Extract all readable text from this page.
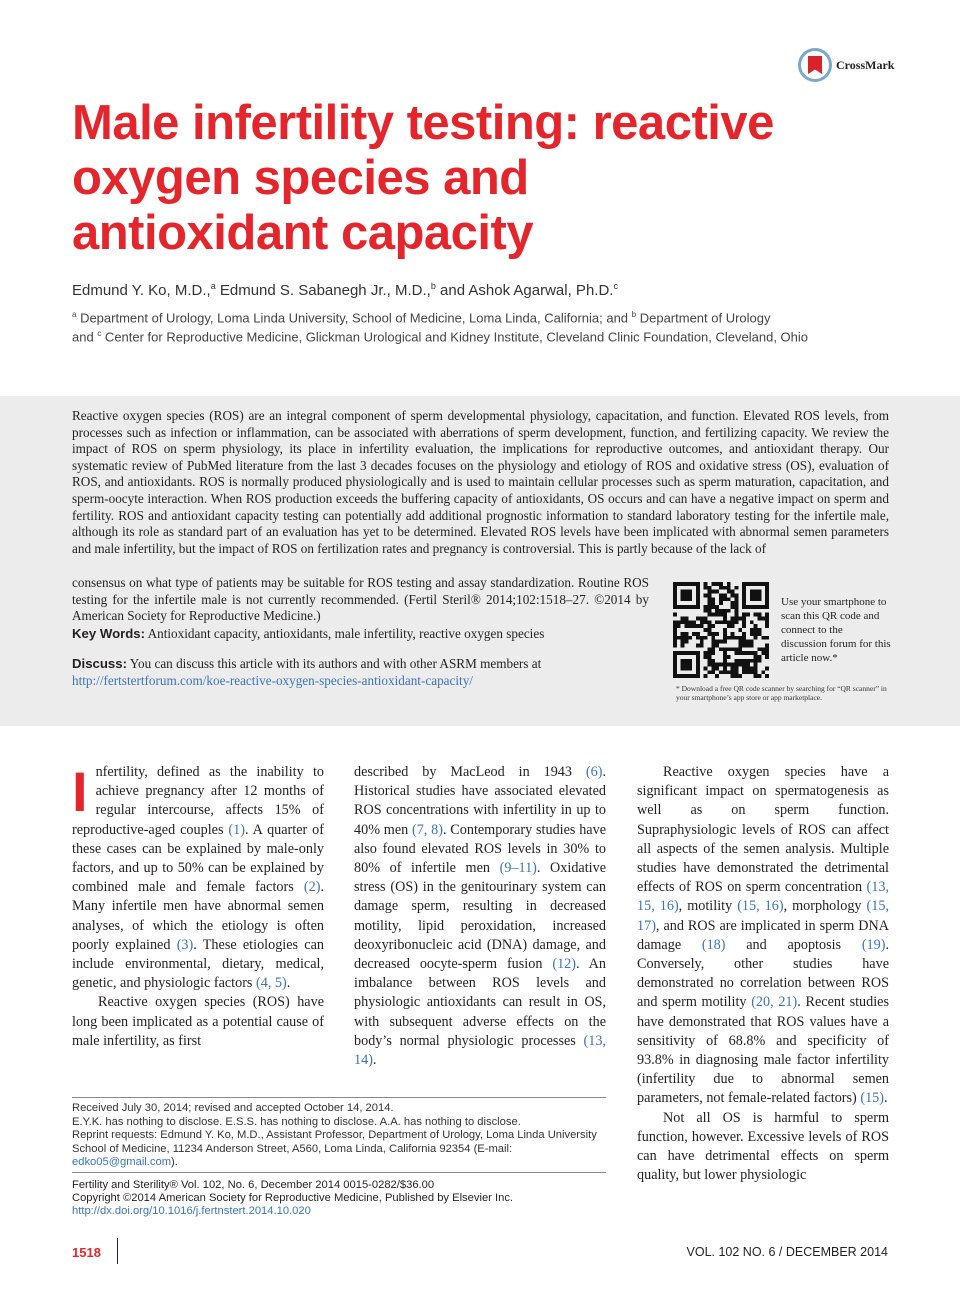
CrossMark
Male infertility testing: reactive
oxygen species and
antioxidant capacity
Edmund Y. Ko, M.D.,$^a$ Edmund S. Sabanegh Jr., M.D.,$^b$ and Ashok Agarwal, Ph.D.$^c$
$^a$ Department of Urology, Loma Linda University, School of Medicine, Loma Linda, California; and $^b$ Department of Urology
and $^c$ Center for Reproductive Medicine, Glickman Urological and Kidney Institute, Cleveland Clinic Foundation, Cleveland, Ohio

Reactive oxygen species (ROS) are an integral component of sperm developmental physiology, capacitation, and function. Elevated ROS levels, from processes such as infection or inflammation, can be associated with aberrations of sperm development, function, and fertilizing capacity. We review the impact of ROS on sperm physiology, its place in infertility evaluation, the implications for reproductive outcomes, and antioxidant therapy. Our systematic review of PubMed literature from the last 3 decades focuses on the physiology and etiology of ROS and oxidative stress (OS), evaluation of ROS, and antioxidants. ROS is normally produced physiologically and is used to maintain cellular processes such as sperm maturation, capacitation, and sperm-oocyte interaction. When ROS production exceeds the buffering capacity of antioxidants, OS occurs and can have a negative impact on sperm and fertility. ROS and antioxidant capacity testing can potentially add additional prognostic information to standard laboratory testing for the infertile male, although its role as standard part of an evaluation has yet to be determined. Elevated ROS levels have been implicated with abnormal semen parameters and male infertility, but the impact of ROS on fertilization rates and pregnancy is controversial. This is partly because of the lack of

consensus on what type of patients may be suitable for ROS testing and assay standardization. Routine ROS testing for the infertile male is not currently recommended. (Fertil Steril® 2014;102:1518–27. ©2014 by American Society for Reproductive Medicine.)

Key Words: Antioxidant capacity, antioxidants, male infertility, reactive oxygen species

Discuss: You can discuss this article with its authors and with other ASRM members at http://fertstertforum.com/koe-reactive-oxygen-species-antioxidant-capacity/

Use your smartphone to scan this QR code and connect to the discussion forum for this article now.*

* Download a free QR code scanner by searching for “QR scanner” in your smartphone’s app store or app marketplace.

Infertility, defined as the inability to achieve pregnancy after 12 months of regular intercourse, affects 15% of reproductive-aged couples (1). A quarter of these cases can be explained by male-only factors, and up to 50% can be explained by combined male and female factors (2). Many infertile men have abnormal semen analyses, of which the etiology is often poorly explained (3). These etiologies can include environmental, dietary, medical, genetic, and physiologic factors (4, 5).

Reactive oxygen species (ROS) have long been implicated as a potential cause of male infertility, as first

described by MacLeod in 1943 (6). Historical studies have associated elevated ROS concentrations with infertility in up to 40% men (7, 8). Contemporary studies have also found elevated ROS levels in 30% to 80% of infertile men (9–11). Oxidative stress (OS) in the genitourinary system can damage sperm, resulting in decreased motility, lipid peroxidation, increased deoxyribonucleic acid (DNA) damage, and decreased oocyte-sperm fusion (12). An imbalance between ROS levels and physiologic antioxidants can result in OS, with subsequent adverse effects on the body’s normal physiologic processes (13, 14).

Reactive oxygen species have a significant impact on spermatogenesis as well as on sperm function. Supraphysiologic levels of ROS can affect all aspects of the semen analysis. Multiple studies have demonstrated the detrimental effects of ROS on sperm concentration (13, 15, 16), motility (15, 16), morphology (15, 17), and ROS are implicated in sperm DNA damage (18) and apoptosis (19). Conversely, other studies have demonstrated no correlation between ROS and sperm motility (20, 21). Recent studies have demonstrated that ROS values have a sensitivity of 68.8% and specificity of 93.8% in diagnosing male factor infertility (infertility due to abnormal semen parameters, not female-related factors) (15).

Not all OS is harmful to sperm function, however. Excessive levels of ROS can have detrimental effects on sperm quality, but lower physiologic

Received July 30, 2014; revised and accepted October 14, 2014.

E.Y.K. has nothing to disclose. E.S.S. has nothing to disclose. A.A. has nothing to disclose.

Reprint requests: Edmund Y. Ko, M.D., Assistant Professor, Department of Urology, Loma Linda University School of Medicine, 11234 Anderson Street, A560, Loma Linda, California 92354 (E-mail: edko05@gmail.com).

Fertility and Sterility® Vol. 102, No. 6, December 2014 0015-0282/$36.00

Copyright ©2014 American Society for Reproductive Medicine, Published by Elsevier Inc.

http://dx.doi.org/10.1016/j.fertnstert.2014.10.020

1518	VOL. 102 NO. 6 / DECEMBER 2014
